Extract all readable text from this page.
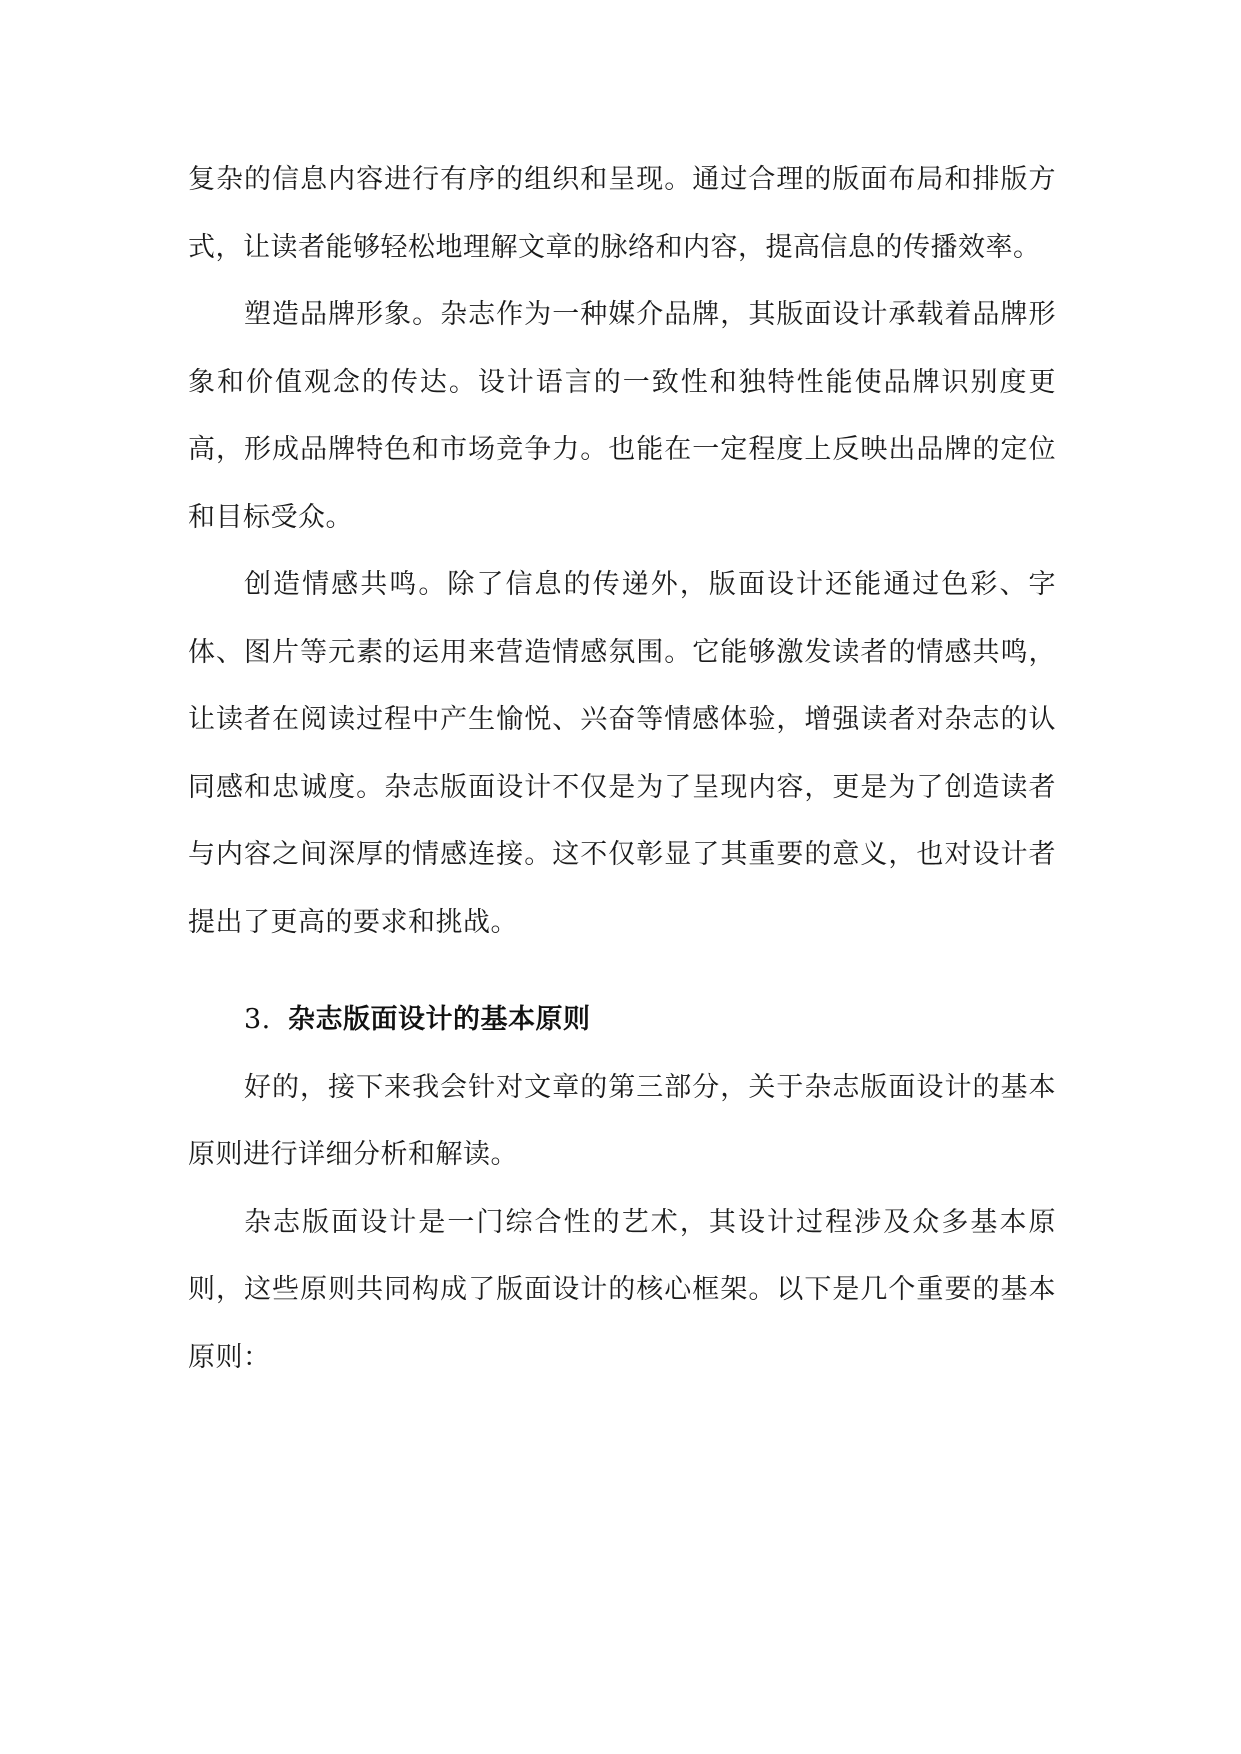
复杂的信息内容进行有序的组织和呈现。通过合理的版面布局和排版方式，让读者能够轻松地理解文章的脉络和内容，提高信息的传播效率。

塑造品牌形象。杂志作为一种媒介品牌，其版面设计承载着品牌形象和价值观念的传达。设计语言的一致性和独特性能使品牌识别度更高，形成品牌特色和市场竞争力。也能在一定程度上反映出品牌的定位和目标受众。

创造情感共鸣。除了信息的传递外，版面设计还能通过色彩、字体、图片等元素的运用来营造情感氛围。它能够激发读者的情感共鸣，让读者在阅读过程中产生愉悦、兴奋等情感体验，增强读者对杂志的认同感和忠诚度。杂志版面设计不仅是为了呈现内容，更是为了创造读者与内容之间深厚的情感连接。这不仅彰显了其重要的意义，也对设计者提出了更高的要求和挑战。

3. 杂志版面设计的基本原则

好的，接下来我会针对文章的第三部分，关于杂志版面设计的基本原则进行详细分析和解读。

杂志版面设计是一门综合性的艺术，其设计过程涉及众多基本原则，这些原则共同构成了版面设计的核心框架。以下是几个重要的基本原则：
